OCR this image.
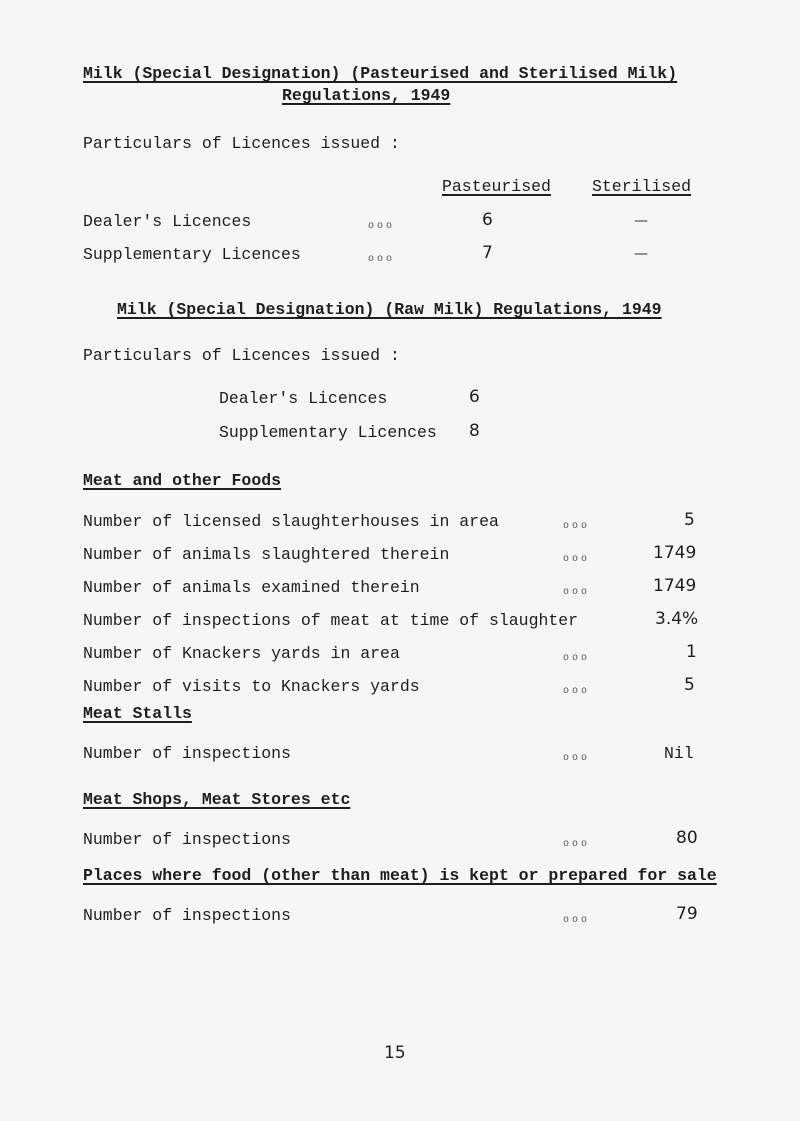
Milk (Special Designation) (Pasteurised and Sterilised Milk)
Regulations, 1949
Particulars of Licences issued :
Pasteurised Sterilised
Dealer's Licences	ooo	6	—
Supplementary Licences	ooo	7	—
Milk (Special Designation) (Raw Milk) Regulations, 1949
Particulars of Licences issued :
Dealer's Licences	6
Supplementary Licences 8
Meat and other Foods
Number of licensed slaughterhouses in area	ooo	5
Number of animals slaughtered therein	ooo	1749
Number of animals examined therein	ooo	1749
Number of inspections of meat at time of slaughter	3.4%
Number of Knackers yards in area	ooo	1
Number of visits to Knackers yards	ooo	5
Meat Stalls
Number of inspections	ooo	Nil
Meat Shops, Meat Stores etc
Number of inspections	ooo	80
Places where food (other than meat) is kept or prepared for sale
Number of inspections	ooo	79
15
